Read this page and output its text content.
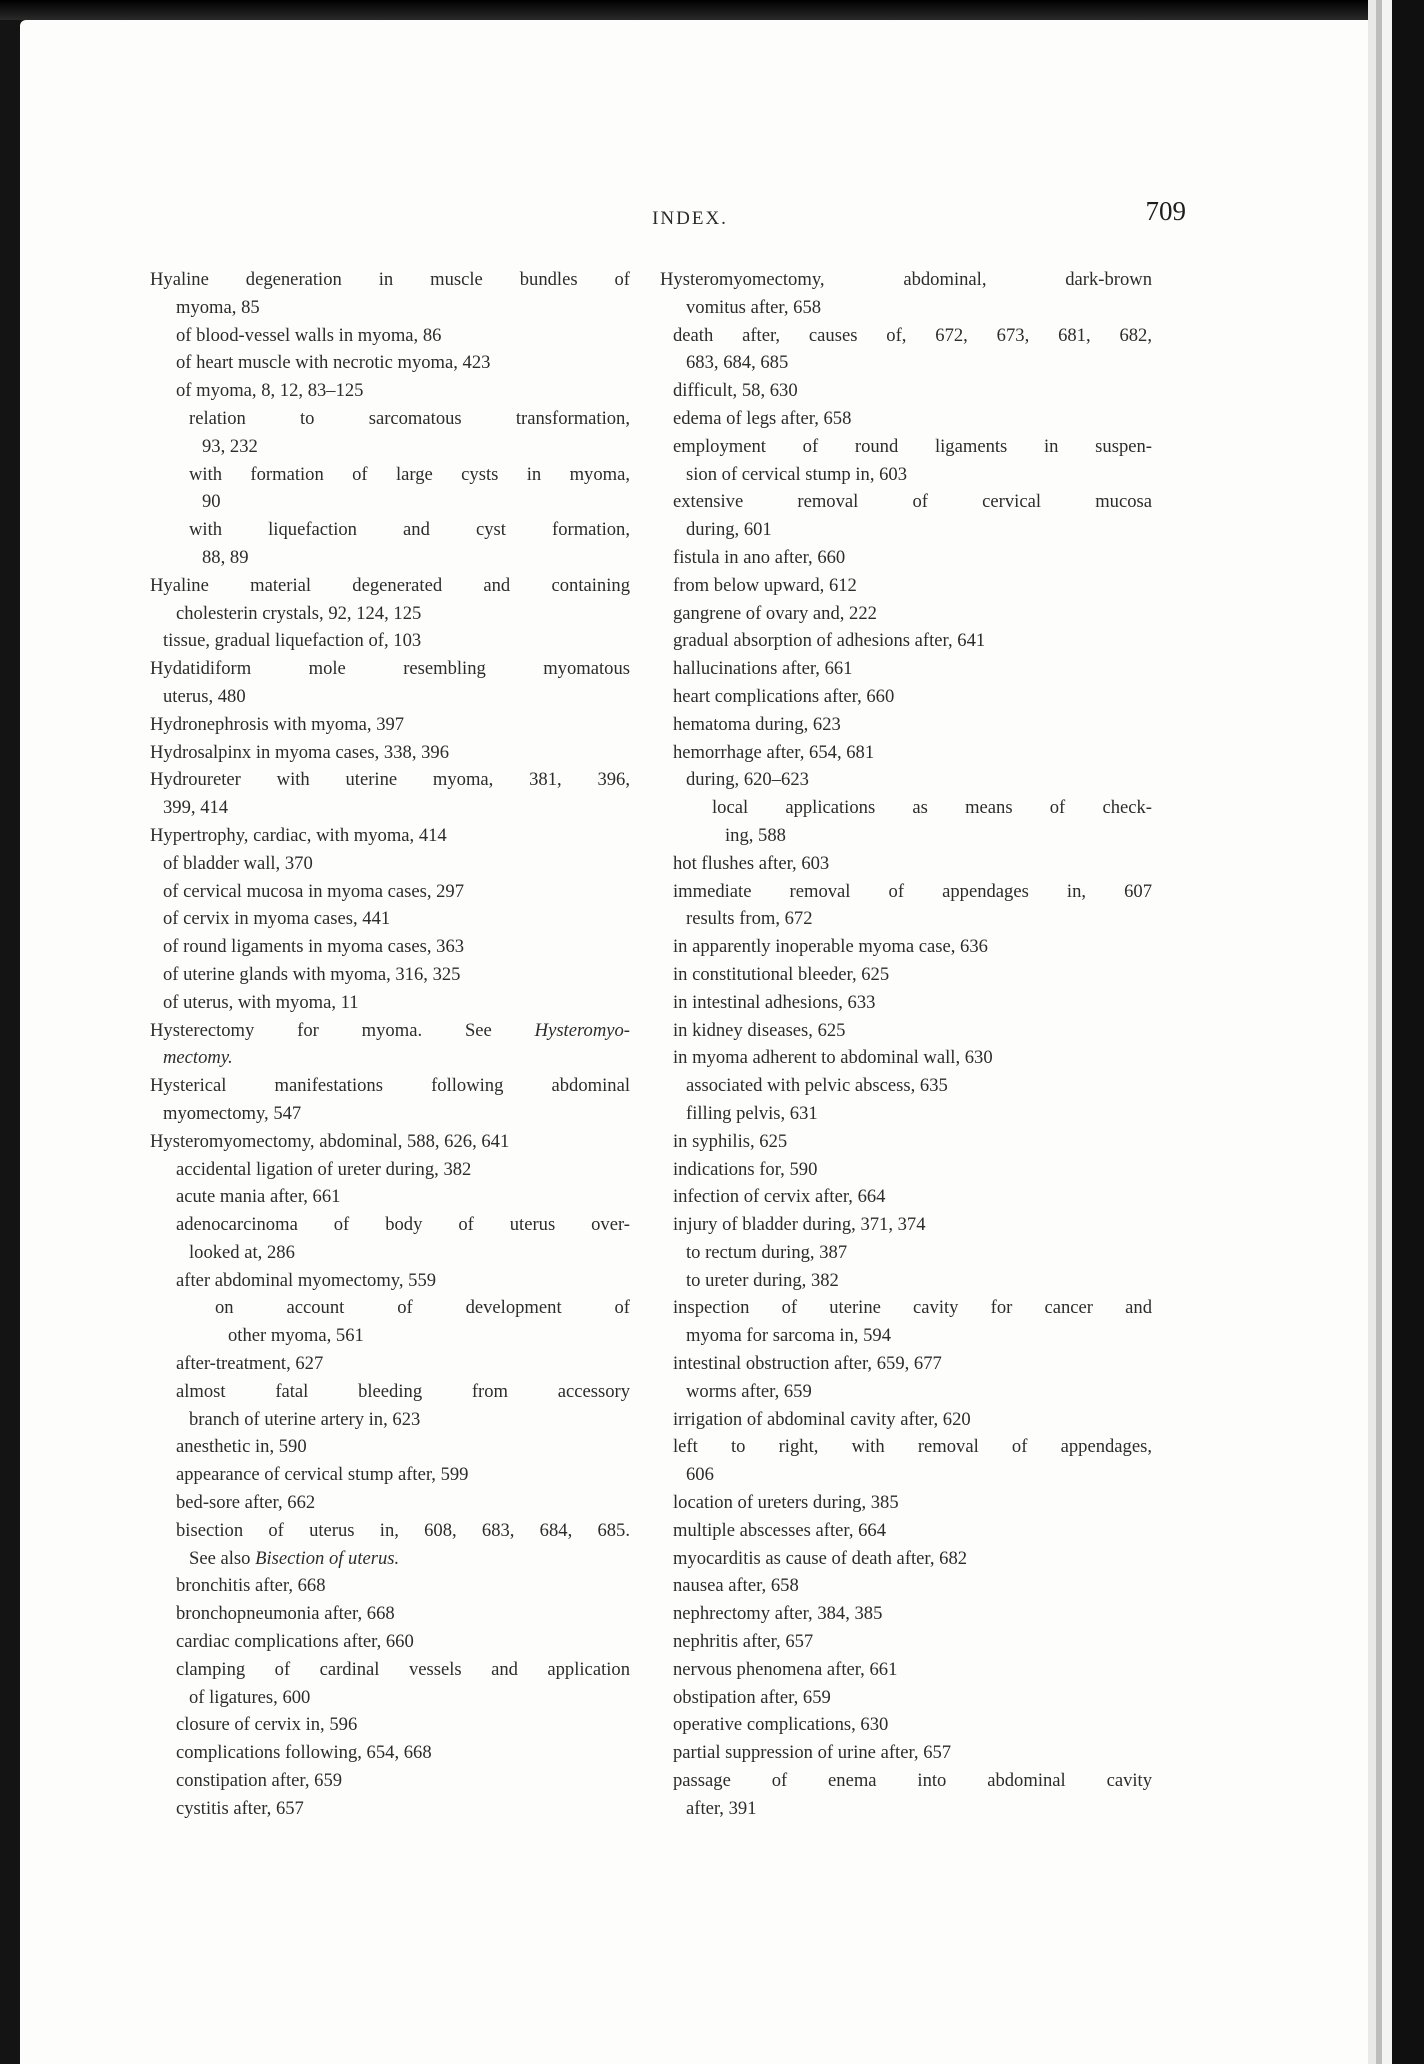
INDEX.	709
Hyaline degeneration in muscle bundles of
myoma, 85
of blood-vessel walls in myoma, 86
of heart muscle with necrotic myoma, 423
of myoma, 8, 12, 83–125
relation to sarcomatous transformation,
93, 232
with formation of large cysts in myoma,
90
with liquefaction and cyst formation,
88, 89
Hyaline material degenerated and containing
cholesterin crystals, 92, 124, 125
tissue, gradual liquefaction of, 103
Hydatidiform mole resembling myomatous
uterus, 480
Hydronephrosis with myoma, 397
Hydrosalpinx in myoma cases, 338, 396
Hydroureter with uterine myoma, 381, 396,
399, 414
Hypertrophy, cardiac, with myoma, 414
of bladder wall, 370
of cervical mucosa in myoma cases, 297
of cervix in myoma cases, 441
of round ligaments in myoma cases, 363
of uterine glands with myoma, 316, 325
of uterus, with myoma, 11
Hysterectomy for myoma. See Hysteromyo-
mectomy.
Hysterical manifestations following abdominal
myomectomy, 547
Hysteromyomectomy, abdominal, 588, 626, 641
accidental ligation of ureter during, 382
acute mania after, 661
adenocarcinoma of body of uterus over-
looked at, 286
after abdominal myomectomy, 559
on account of development of
other myoma, 561
after-treatment, 627
almost fatal bleeding from accessory
branch of uterine artery in, 623
anesthetic in, 590
appearance of cervical stump after, 599
bed-sore after, 662
bisection of uterus in, 608, 683, 684, 685.
See also Bisection of uterus.
bronchitis after, 668
bronchopneumonia after, 668
cardiac complications after, 660
clamping of cardinal vessels and application
of ligatures, 600
closure of cervix in, 596
complications following, 654, 668
constipation after, 659
cystitis after, 657
Hysteromyomectomy, abdominal, dark-brown
vomitus after, 658
death after, causes of, 672, 673, 681, 682,
683, 684, 685
difficult, 58, 630
edema of legs after, 658
employment of round ligaments in suspen-
sion of cervical stump in, 603
extensive removal of cervical mucosa
during, 601
fistula in ano after, 660
from below upward, 612
gangrene of ovary and, 222
gradual absorption of adhesions after, 641
hallucinations after, 661
heart complications after, 660
hematoma during, 623
hemorrhage after, 654, 681
during, 620–623
local applications as means of check-
ing, 588
hot flushes after, 603
immediate removal of appendages in, 607
results from, 672
in apparently inoperable myoma case, 636
in constitutional bleeder, 625
in intestinal adhesions, 633
in kidney diseases, 625
in myoma adherent to abdominal wall, 630
associated with pelvic abscess, 635
filling pelvis, 631
in syphilis, 625
indications for, 590
infection of cervix after, 664
injury of bladder during, 371, 374
to rectum during, 387
to ureter during, 382
inspection of uterine cavity for cancer and
myoma for sarcoma in, 594
intestinal obstruction after, 659, 677
worms after, 659
irrigation of abdominal cavity after, 620
left to right, with removal of appendages,
606
location of ureters during, 385
multiple abscesses after, 664
myocarditis as cause of death after, 682
nausea after, 658
nephrectomy after, 384, 385
nephritis after, 657
nervous phenomena after, 661
obstipation after, 659
operative complications, 630
partial suppression of urine after, 657
passage of enema into abdominal cavity
after, 391
